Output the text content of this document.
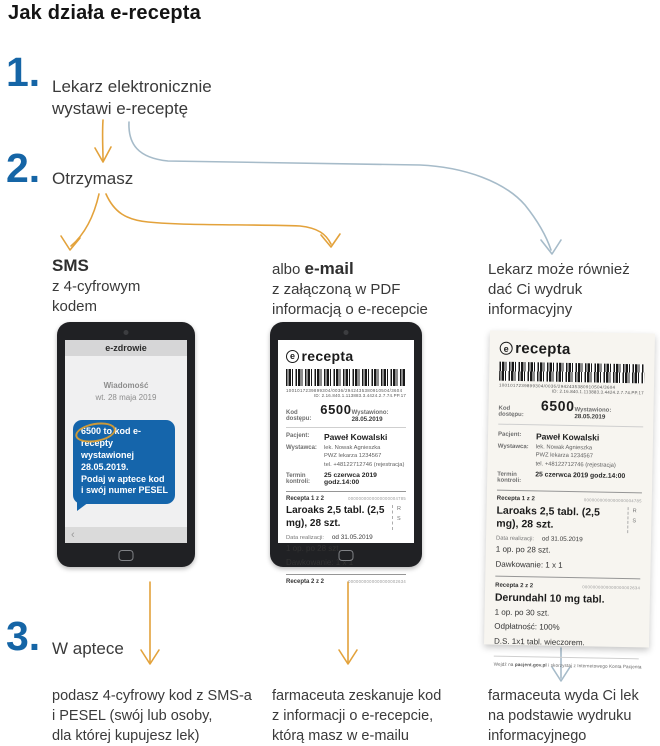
Jak działa e-recepta
1. Lekarz elektronicznie
wystawi e-receptę
2. Otrzymasz
SMS
z 4-cyfrowym
kodem
albo e-mail
z załączoną w PDF
informacją o e-recepcie
Lekarz może również
dać Ci wydruk
informacyjny
e-zdrowie
Wiadomość
wt. 28 maja 2019
6500 to kod e-recepty
wystawionej 28.05.2019.
Podaj w aptece kod
i swój numer PESEL
‹
e recepta
1001017239899304/0036/2942435380910504/3604
ID: 2.16.840.1.113883.3.4424.2.7.74.PP.17
Kod dostępu:
6500 Wystawiono: 28.05.2019
Pacjent:	Paweł Kowalski
Wystawca:	lek. Nowak Agnieszka
PWZ lekarza 1234567
tel. +48122712746 (rejestracja)
Termin kontroli:
25 czerwca 2019 godz.14:00
Recepta 1 z 2	0000000000000000004785
Laroaks 2,5 tabl. (2,5 mg), 28 szt.
R
S
Data realizacji: od 31.05.2019
1 op. po 28 szt.
Dawkowanie: 1 x 1
Recepta 2 z 2	0000000000000000002634
e recepta
1001017239899304/0036/2942435380910504/3604
ID: 2.16.840.1.113883.3.4424.2.7.74.PP.17
Kod dostępu:
6500 Wystawiono: 28.05.2019
Pacjent:	Paweł Kowalski
Wystawca:	lek. Nowak Agnieszka
PWZ lekarza 1234567
tel. +48122712746 (rejestracja)
Termin kontroli:
25 czerwca 2019 godz.14:00
Recepta 1 z 2	0000000000000000004785
Laroaks 2,5 tabl. (2,5 mg), 28 szt.
R
S
Data realizacji: od 31.05.2019
1 op. po 28 szt.
Dawkowanie: 1 x 1
Recepta 2 z 2	0000000000000000002634
Derundahl 10 mg tabl.
1 op. po 30 szt.
Odpłatność: 100%
D.S. 1x1 tabl. wieczorem.
Wejdź na pacjent.gov.pl i skorzystaj z Internetowego Konta Pacjenta
3. W aptece
podasz 4-cyfrowy kod z SMS-a
i PESEL (swój lub osoby,
dla której kupujesz lek)
farmaceuta zeskanuje kod
z informacji o e-recepcie,
którą masz w e-mailu
farmaceuta wyda Ci lek
na podstawie wydruku
informacyjnego
